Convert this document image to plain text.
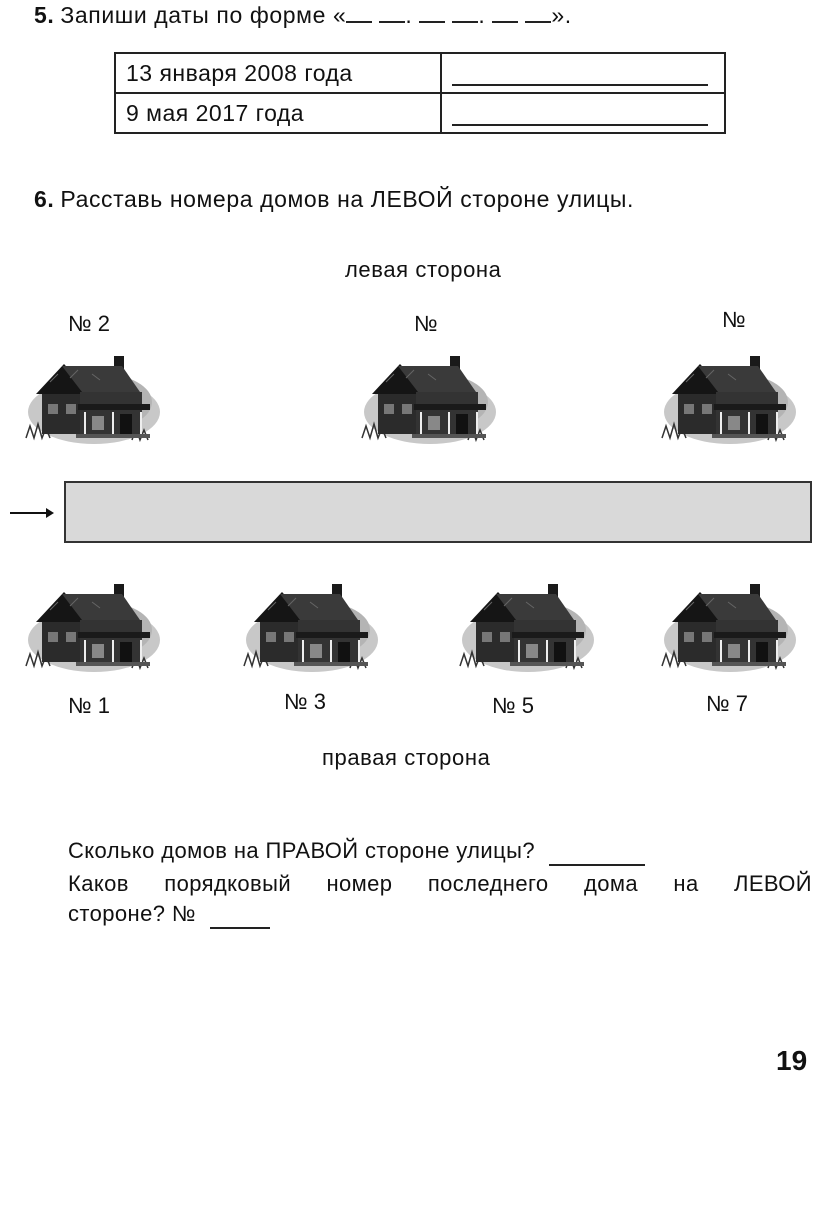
5. Запиши даты по форме «	.	.	».
13 января 2008 года	

9 мая 2017 года	
6. Расставь номера домов на ЛЕВОЙ стороне улицы.
левая сторона
№ 2	№	№
№ 1	№ 3	№ 5	№ 7
правая сторона
Сколько домов на ПРАВОЙ стороне улицы?
Каков порядковый номер последнего дома на ЛЕВОЙ
стороне? №
19
